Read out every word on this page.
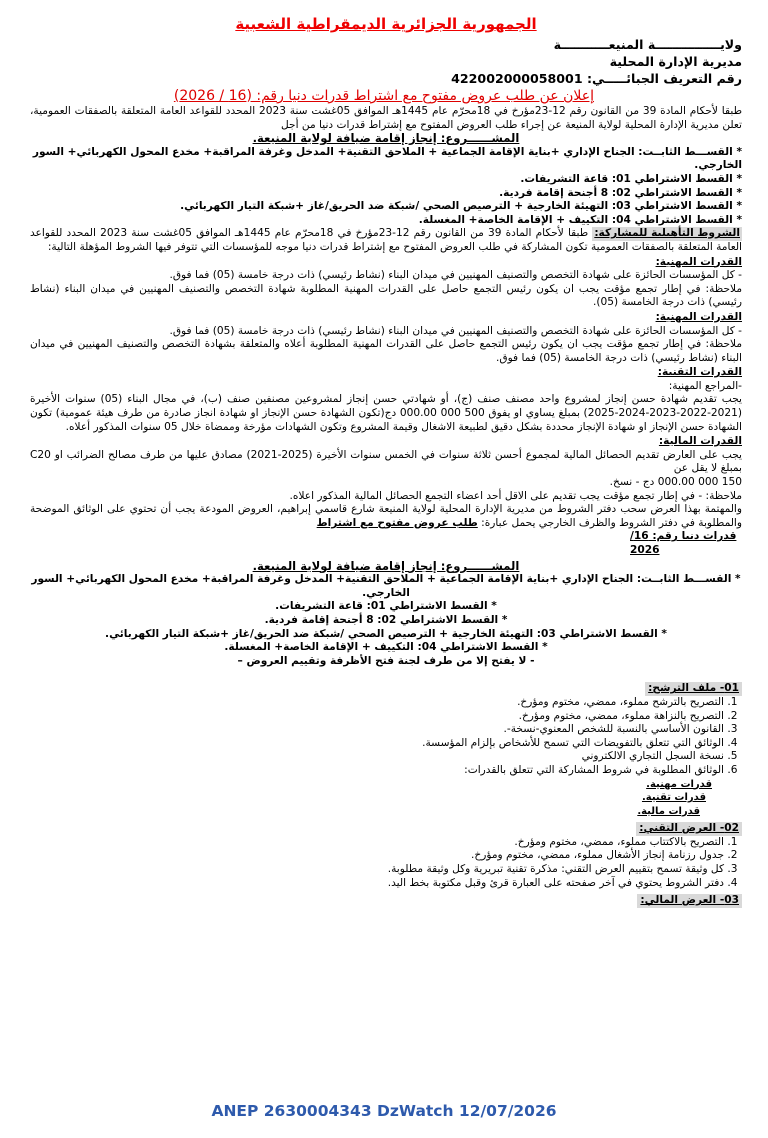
الجمهورية الجزائرية الديمقراطية الشعبية

ولايـــــــــــــــة المنيعـــــــــــة

مديرية الإدارة المحلية

رقم التعريف الجبائـــــي: 422002000058001

إعلان عن طلب عروض مفتوح مع اشتراط قدرات دنيا رقم: (16 / 2026)

طبقا لأحكام المادة 39 من القانون رقم 12-23مؤرخ في 18محرّم عام 1445هـ الموافق 05غشت سنة 2023 المحدد للقواعد العامة المتعلقة بالصفقات العمومية، تعلن مديرية الإدارة المحلية لولاية المنيعة عن إجراء طلب العروض المفتوح مع إشتراط قدرات دنيا من أجل

المشــــــروع: إنجاز إقامة ضيافة لولاية المنيعة.

* القســـط الثابــت: الجناح الإداري +بناية الإقامة الجماعية + الملاحق التقنية+ المدخل وغرفة المراقبة+ مخدع المحول الكهربائي+ السور الخارجي.

* القسط الاشتراطي 01: قاعة التشريفات.

* القسط الاشتراطي 02: 8 أجنحة إقامة فردية.

* القسط الاشتراطي 03: التهيئة الخارجية + الترصيص الصحي /شبكة ضد الحريق/غاز +شبكة التيار الكهربائي.

* القسط الاشتراطي 04: التكييف + الإقامة الخاصة+ المغسلة.

الشروط التأهيلية للمشاركة: طبقا لأحكام المادة 39 من القانون رقم 12-23مؤرخ في 18محرّم عام 1445هـ الموافق 05غشت سنة 2023 المحدد للقواعد العامة المتعلقة بالصفقات العمومية تكون المشاركة في طلب العروض المفتوح مع إشتراط قدرات دنيا موجه للمؤسسات التي تتوفر فيها الشروط المؤهلة التالية:

القدرات المهنية:

- كل المؤسسات الحائزة على شهادة التخصص والتصنيف المهنيين في ميدان البناء (نشاط رئيسي) ذات درجة خامسة (05) فما فوق.

ملاحظة: في إطار تجمع مؤقت يجب ان يكون رئيس التجمع حاصل على القدرات المهنية المطلوبة شهادة التخصص والتصنيف المهنيين في ميدان البناء (نشاط رئيسي) ذات درجة الخامسة (05).

القدرات المهنية:

- كل المؤسسات الحائزة على شهادة التخصص والتصنيف المهنيين في ميدان البناء (نشاط رئيسي) ذات درجة خامسة (05) فما فوق.

ملاحظة: في إطار تجمع مؤقت يجب ان يكون رئيس التجمع حاصل على القدرات المهنية المطلوبة أعلاه والمتعلقة بشهادة التخصص والتصنيف المهنيين في ميدان البناء (نشاط رئيسي) ذات درجة الخامسة (05) فما فوق.

القدرات التقنية:

-المراجع المهنية:

يجب تقديم شهادة حسن إنجاز لمشروع واحد مصنف صنف (ج)، أو شهادتي حسن إنجاز لمشروعين مصنفين صنف (ب)، في مجال البناء (05) سنوات الأخيرة (2021-2022-2023-2024-2025) بمبلغ يساوي او يفوق 500 000 000.00 دج(تكون الشهادة حسن الإنجاز او شهادة انجاز صادرة من طرف هيئة عمومية) تكون الشهادة حسن الإنجاز او شهادة الإنجاز محددة بشكل دقيق لطبيعة الاشغال وقيمة المشروع وتكون الشهادات مؤرخة وممضاة خلال 05 سنوات المذكور أعلاه.

القدرات المالية:

يجب على العارض تقديم الحصائل المالية لمجموع أحسن ثلاثة سنوات في الخمس سنوات الأخيرة (2025-2021) مصادق عليها من طرف مصالح الضرائب او C20 بمبلغ لا يقل عن

150 000 000.00 دج - نسخ.

ملاحظة: - في إطار تجمع مؤقت يجب تقديم على الاقل أحد اعضاء التجمع الحصائل المالية المذكور اعلاه.

والمهتمة بهذا العرض سحب دفتر الشروط من مديرية الإدارة المحلية لولاية المنيعة شارع قاسمي إبراهيم، العروض المودعة يجب أن تحتوي على الوثائق الموضحة والمطلوبة في دفتر الشروط والظرف الخارجي يحمل عبارة: طلب عروض مفتوح مع اشتراط

قدرات دنيا رقم: 16/ 2026

المشــــــروع: إنجاز إقامة ضيافة لولاية المنيعة.

* القســـط الثابــت: الجناح الإداري +بناية الإقامة الجماعية + الملاحق التقنية+ المدخل وغرفة المراقبة+ مخدع المحول الكهربائي+ السور الخارجي.

* القسط الاشتراطي 01: قاعة التشريفات.

* القسط الاشتراطي 02: 8 أجنحة إقامة فردية.

* القسط الاشتراطي 03: التهيئة الخارجية + الترصيص الصحي /شبكة ضد الحريق/غاز +شبكة التيار الكهربائي.

* القسط الاشتراطي 04: التكييف + الإقامة الخاصة+ المغسلة.

- لا يفتح إلا من طرف لجنة فتح الأظرفة وتقييم العروض –

01- ملف الترشح:

1. التصريح بالترشح مملوء، ممضي، مختوم ومؤرخ.
2. التصريح بالنزاهة مملوء، ممضي، مختوم ومؤرخ.
3. القانون الأساسي بالنسبة للشخص المعنوي-نسخة-.
4. الوثائق التي تتعلق بالتفويضات التي تسمح للأشخاص بإلزام المؤسسة.
5. نسخة السجل التجاري الالكتروني
6. الوثائق المطلوبة في شروط المشاركة التي تتعلق بالقدرات:

قدرات مهنية.

قدرات تقنية.

قدرات مالية.

02- العرض التقني:

1. التصريح بالاكتتاب مملوء، ممضي، مختوم ومؤرخ.
2. جدول رزنامة إنجاز الأشغال مملوء، ممضي، مختوم ومؤرخ.
3. كل وثيقة تسمح بتقييم العرض التقني: مذكرة تقنية تبريرية وكل وثيقة مطلوبة.
4. دفتر الشروط يحتوي في آخر صفحته على العبارة قرئ وقبل مكتوبة بخط اليد.

03- العرض المالي:

ANEP 2630004343 DzWatch 12/07/2026
